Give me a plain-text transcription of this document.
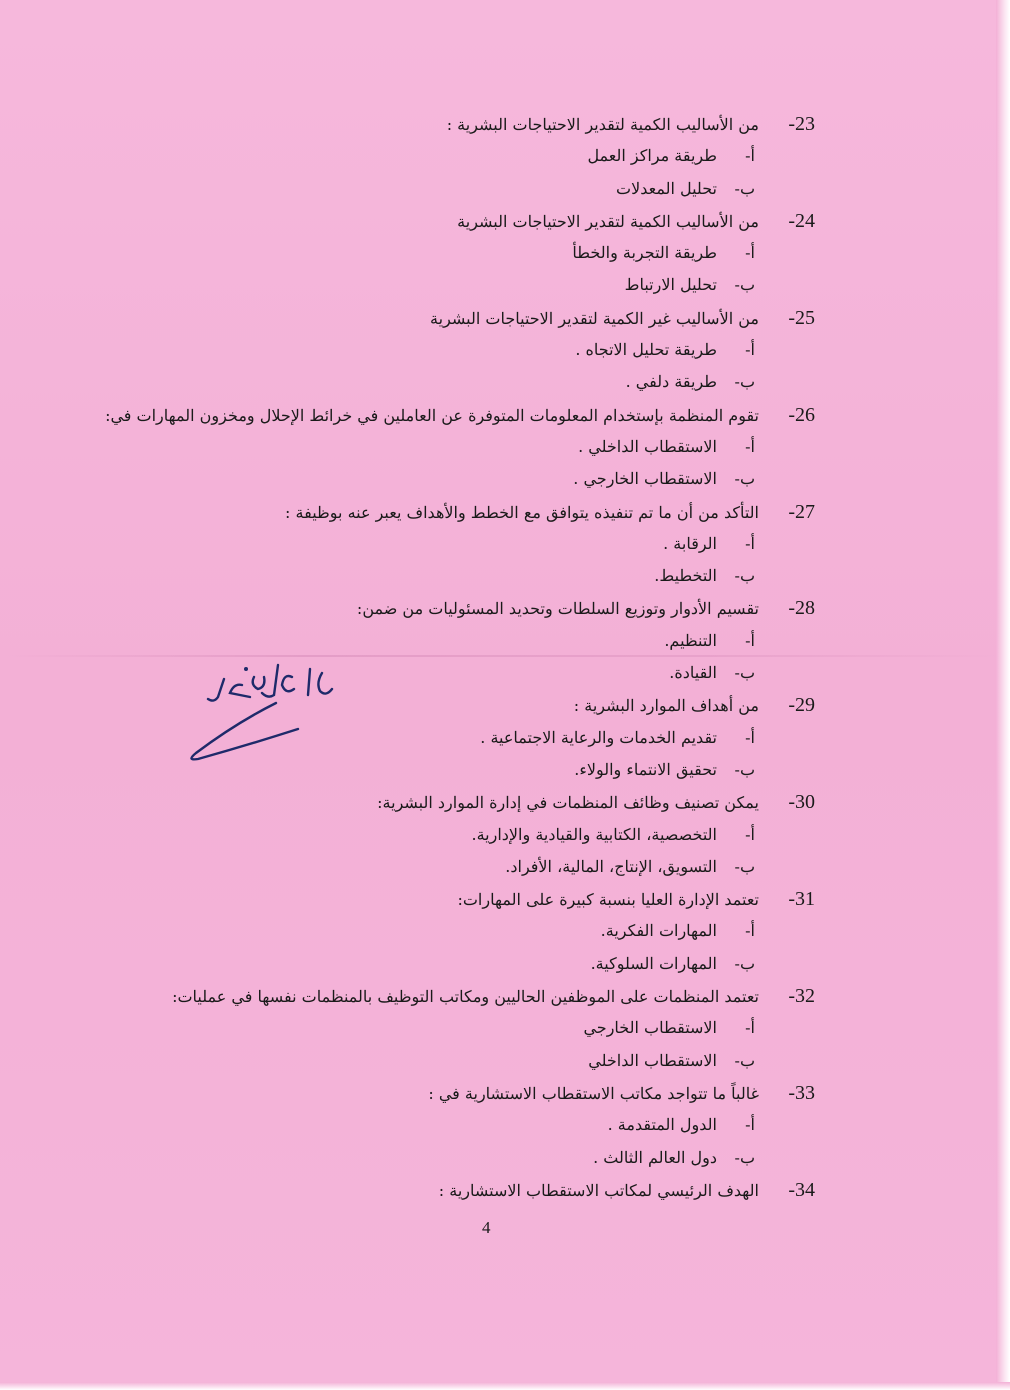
23-من الأساليب الكمية لتقدير الاحتياجات البشرية :
أ-طريقة مراكز العمل
ب-تحليل المعدلات
24-من الأساليب الكمية لتقدير الاحتياجات البشرية
أ-طريقة التجربة والخطأ
ب-تحليل الارتباط
25-من الأساليب غير الكمية لتقدير الاحتياجات البشرية
أ-طريقة تحليل الاتجاه .
ب-طريقة دلفي .
26-تقوم المنظمة بإستخدام المعلومات المتوفرة عن العاملين في خرائط الإحلال ومخزون المهارات في:
أ-الاستقطاب الداخلي .
ب-الاستقطاب الخارجي .
27-التأكد من أن ما تم تنفيذه يتوافق مع الخطط والأهداف يعبر عنه بوظيفة :
أ-الرقابة .
ب-التخطيط.
28-تقسيم الأدوار وتوزيع السلطات وتحديد المسئوليات من ضمن:
أ-التنظيم.
ب-القيادة.
29-من أهداف الموارد البشرية :
أ-تقديم الخدمات والرعاية الاجتماعية .
ب-تحقيق الانتماء والولاء.
30-يمكن تصنيف وظائف المنظمات في إدارة الموارد البشرية:
أ-التخصصية، الكتابية والقيادية والإدارية.
ب-التسويق، الإنتاج، المالية، الأفراد.
31-تعتمد الإدارة العليا بنسبة كبيرة على المهارات:
أ-المهارات الفكرية.
ب-المهارات السلوكية.
32-تعتمد المنظمات على الموظفين الحاليين ومكاتب التوظيف بالمنظمات نفسها في عمليات:
أ-الاستقطاب الخارجي
ب-الاستقطاب الداخلي
33-غالباً ما تتواجد مكاتب الاستقطاب الاستشارية في :
أ-الدول المتقدمة .
ب-دول العالم الثالث .
34-الهدف الرئيسي لمكاتب الاستقطاب الاستشارية :
4
